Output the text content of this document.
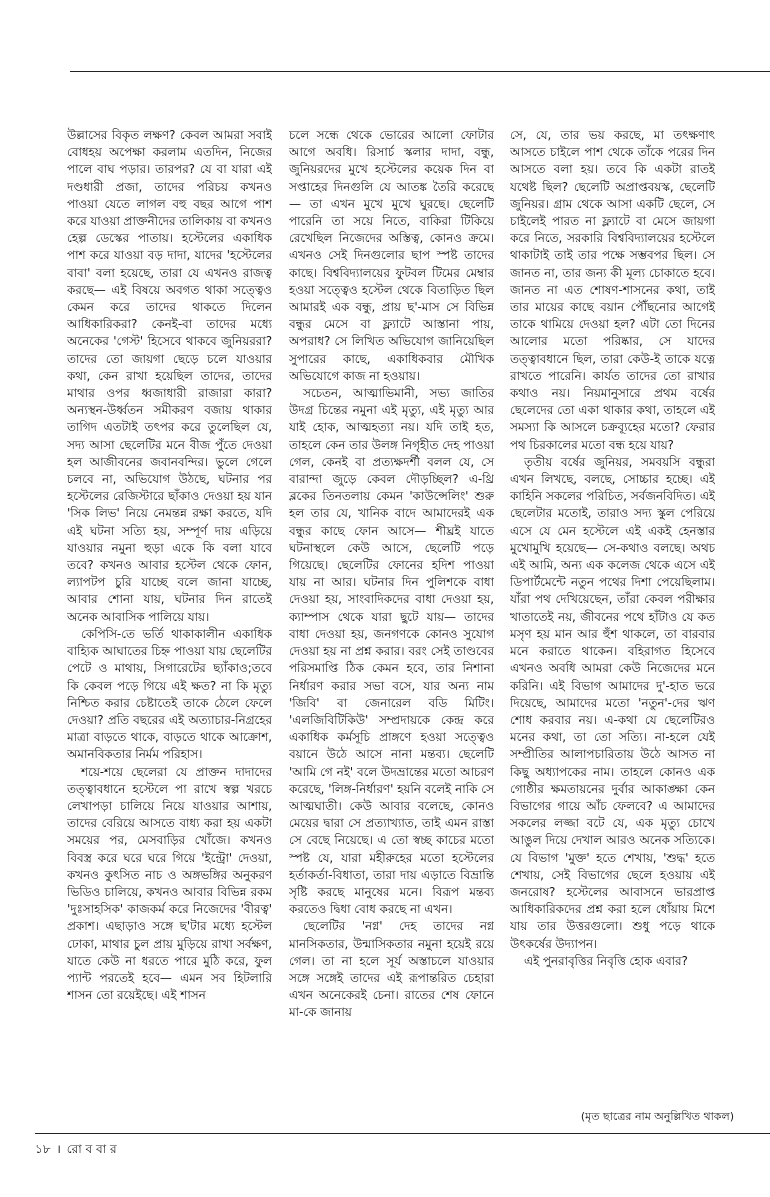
উল্লাসের বিকৃত লক্ষণ? কেবল আমরা সবাই বোধহয় অপেক্ষা করলাম এতদিন, নিজের পালে বাঘ পড়ার। তারপর? যে বা যারা এই দণ্ডধারী প্রজা, তাদের পরিচয় কখনও পাওয়া যেতে লাগল বহু বছর আগে পাশ করে যাওয়া প্রাক্তনীদের তালিকায় বা কখনও হেল্প ডেস্কের পাতায়। হস্টেলের একাধিক পাশ করে যাওয়া বড় দাদা, যাদের 'হস্টেলের বাবা' বলা হয়েছে, তারা যে এখনও রাজত্ব করছে— এই বিষয়ে অবগত থাকা সত্ত্বেও কেমন করে তাদের থাকতে দিলেন আধিকারিকরা? কেনই-বা তাদের মধ্যে অনেকের 'গেস্ট' হিসেবে থাকবে জুনিয়ররা? তাদের তো জায়গা ছেড়ে চলে যাওয়ার কথা, কেন রাখা হয়েছিল তাদের, তাদের মাথার ওপর ধ্বজাধারী রাজারা কারা? অন্যস্থন-উর্ধ্বতন সমীকরণ বজায় থাকার তাগিদ এতটাই তৎপর করে তুলেছিল যে, সদ্য আসা ছেলেটির মনে বীজ পুঁতে দেওয়া হল আজীবনের জবানবন্দির। ভুলে গেলে চলবে না, অভিযোগ উঠছে, ঘটনার পর হস্টেলের রেজিস্টারে ছাঁকাও দেওয়া হয় যান 'সিক লিভ' নিয়ে নেমন্তন্ন রক্ষা করতে, যদি এই ঘটনা সত্যি হয়, সম্পূর্ণ দায় এড়িয়ে যাওয়ার নমুনা হুড়া একে কি বলা যাবে তবে? কখনও আবার হস্টেল থেকে ফোন, ল্যাপটপ চুরি যাচ্ছে বলে জানা যাচ্ছে, আবার শোনা যায়, ঘটনার দিন রাতেই অনেক আবাসিক পালিয়ে যায়।

কেপিসি-তে ভর্তি থাকাকালীন একাধিক বাহ্যিক আঘাতের চিহ্ন পাওয়া যায় ছেলেটির পেটে ও মাথায়, সিগারেটের ছ্যাঁকাও;তবে কি কেবল পড়ে গিয়ে এই ক্ষত? না কি মৃত্যু নিশ্চিত করার চেষ্টাতেই তাকে ঠেলে ফেলে দেওয়া? প্রতি বছরের এই অত্যাচার-নিগ্রহের মাত্রা বাড়তে থাকে, বাড়তে থাকে আক্রোশ, অমানবিকতার নির্মম পরিহাস।

শয়ে-শয়ে ছেলেরা যে প্রাক্তন দাদাদের তত্ত্বাবধানে হস্টেলে পা রাখে স্বল্প খরচে লেখাপড়া চালিয়ে নিয়ে যাওয়ার আশায়, তাদের বেরিয়ে আসতে বাধ্য করা হয় একটা সময়ের পর, মেসবাড়ির খোঁজে। কখনও বিবস্ত্র করে ঘরে ঘরে গিয়ে 'ইন্ট্রো' দেওয়া, কখনও কুৎসিত নাচ ও অঙ্গভঙ্গির অনুকরণ ভিডিও চালিয়ে, কখনও আবার বিভিন্ন রকম 'দুঃসাহসিক' কাজকর্ম করে নিজেদের 'বীরত্ব' প্রকাশ। এছাড়াও সঙ্গে ছ'টার মধ্যে হস্টেল ঢোকা, মাথার চুল প্রায় মুড়িয়ে রাখা সর্বক্ষণ, যাতে কেউ না ধরতে পারে মুঠি করে, ফুল প্যান্ট পরতেই হবে— এমন সব হিটলারি শাসন তো রয়েইছে। এই শাসন

চলে সন্ধে থেকে ভোরের আলো ফোটার আগে অবধি। রিসার্চ স্কলার দাদা, বন্ধু, জুনিয়রদের মুখে হস্টেলের কয়েক দিন বা সপ্তাহের দিনগুলি যে আতঙ্ক তৈরি করেছে— তা এখন মুখে মুখে ঘুরছে। ছেলেটি পারেনি তা সয়ে নিতে, বাকিরা টিকিয়ে রেখেছিল নিজেদের অস্তিত্ব, কোনও ক্রমে। এখনও সেই দিনগুলোর ছাপ স্পষ্ট তাদের কাছে। বিশ্ববিদ্যালয়ের ফুটবল টিমের মেম্বার হওয়া সত্ত্বেও হস্টেল থেকে বিতাড়িত ছিল আমারই এক বন্ধু, প্রায় ছ'-মাস সে বিভিন্ন বন্ধুর মেসে বা ফ্ল্যাটে আস্তানা পায়, অপরাধ? সে লিখিত অভিযোগ জানিয়েছিল সুপারের কাছে, একাধিকবার মৌখিক অভিযোগে কাজ না হওয়ায়।

সচেতন, আত্মাভিমানী, সভ্য জাতির উদগ্র চিন্তের নমুনা এই মৃত্যু, এই মৃত্যু আর যাই হোক, আত্মহত্যা নয়। যদি তাই হত, তাহলে কেন তার উলঙ্গ নিগৃহীত দেহ পাওয়া গেল, কেনই বা প্রত্যক্ষদর্শী বলল যে, সে বারান্দা জুড়ে কেবল দৌড়চ্ছিল? এ-থ্রি ব্লকের তিনতলায় কেমন 'কাউন্সেলিং' শুরু হল তার যে, খানিক বাদে আমাদেরই এক বন্ধুর কাছে ফোন আসে— শীঘ্রই যাতে ঘটনাস্থলে কেউ আসে, ছেলেটি পড়ে গিয়েছে। ছেলেটির ফোনের হদিশ পাওয়া যায় না আর। ঘটনার দিন পুলিশকে বাধা দেওয়া হয়, সাংবাদিকদের বাধা দেওয়া হয়, ক্যাম্পাস থেকে যারা ছুটে যায়— তাদের বাধা দেওয়া হয়, জনগণকে কোনও সুযোগ দেওয়া হয় না প্রশ্ন করার। বরং সেই তাণ্ডবের পরিসমাপ্তি ঠিক কেমন হবে, তার নিশানা নির্ধারণ করার সভা বসে, যার অন্য নাম 'জিবি' বা জেনারেল বডি মিটিং। 'এলজিবিটিকিউ' সম্প্রদায়কে কেন্দ্র করে একাধিক কর্মসূচি প্রাঙ্গণে হওয়া সত্ত্বেও বয়ানে উঠে আসে নানা মন্তব্য। ছেলেটি 'আমি গে নই' বলে উদভ্রান্তের মতো আচরণ করেছে, 'লিঙ্গ-নির্ধারণ' হয়নি বলেই নাকি সে আত্মঘাতী। কেউ আবার বলেছে, কোনও মেয়ের দ্বারা সে প্রত্যাখ্যাত, তাই এমন রাস্তা সে বেছে নিয়েছে। এ তো স্বচ্ছ কাচের মতো স্পষ্ট যে, যারা মহীরুহের মতো হস্টেলের হর্তাকর্তা-বিধাতা, তারা দায় এড়াতে বিভ্রান্তি সৃষ্টি করছে মানুষের মনে। বিরূপ মন্তব্য করতেও দ্বিধা বোধ করছে না এখন।

ছেলেটির 'নগ্ন' দেহ তাদের নগ্ন মানসিকতার, উন্মাসিকতার নমুনা হয়েই রয়ে গেল। তা না হলে সূর্য অস্তাচলে যাওয়ার সঙ্গে সঙ্গেই তাদের এই রূপান্তরিত চেহারা এখন অনেকেরই চেনা। রাতের শেষ ফোনে মা-কে জানায়

সে, যে, তার ভয় করছে, মা তৎক্ষণাৎ আসতে চাইলে পাশ থেকে তাঁকে পরের দিন আসতে বলা হয়। তবে কি একটা রাতই যথেষ্ট ছিল? ছেলেটি অপ্রাপ্তবয়স্ক, ছেলেটি জুনিয়র। গ্রাম থেকে আসা একটি ছেলে, সে চাইলেই পারত না ফ্ল্যাটে বা মেসে জায়গা করে নিতে, সরকারি বিশ্ববিদ্যালয়ের হস্টেলে থাকাটাই তাই তার পক্ষে সম্ভবপর ছিল। সে জানত না, তার জন্য কী মূল্য চোকাতে হবে। জানত না এত শোষণ-শাসনের কথা, তাই তার মায়ের কাছে বয়ান পৌঁছনোর আগেই তাকে থামিয়ে দেওয়া হল? এটা তো দিনের আলোর মতো পরিষ্কার, সে যাদের তত্ত্বাবধানে ছিল, তারা কেউ-ই তাকে যত্নে রাখতে পারেনি। কার্যত তাদের তো রাখার কথাও নয়। নিয়মানুসারে প্রথম বর্ষের ছেলেদের তো একা থাকার কথা, তাহলে এই সমস্যা কি আসলে চক্রব্যূহের মতো? ফেরার পথ চিরকালের মতো বন্ধ হয়ে যায়?

তৃতীয় বর্ষের জুনিয়র, সমবয়সি বন্ধুরা এখন লিখছে, বলছে, সোচ্চার হচ্ছে। এই কাহিনি সকলের পরিচিত, সর্বজনবিদিত। এই ছেলেটার মতোই, তারাও সদ্য স্কুল পেরিয়ে এসে যে মেন হস্টেলে এই একই হেনস্তার মুখোমুখি হয়েছে— সে-কথাও বলছে। অথচ এই আমি, অন্য এক কলেজ থেকে এসে এই ডিপার্টমেন্টে নতুন পথের দিশা পেয়েছিলাম। যাঁরা পথ দেখিয়েছেন, তাঁরা কেবল পরীক্ষার খাতাতেই নয়, জীবনের পথে হাঁটাও যে কত মসৃণ হয় মান আর হুঁশ থাকলে, তা বারবার মনে করাতে থাকেন। বহিরাগত হিসেবে এখনও অবধি আমরা কেউ নিজেদের মনে করিনি। এই বিভাগ আমাদের দু'-হাত ভরে দিয়েছে, আমাদের মতো 'নতুন'-দের ঋণ শোধ করবার নয়। এ-কথা যে ছেলেটিরও মনের কথা, তা তো সত্যি। না-হলে যেই সম্প্রীতির আলাপচারিতায় উঠে আসত না কিছু অধ্যাপকের নাম। তাহলে কোনও এক গোষ্ঠীর ক্ষমতায়নের দুর্বার আকাঙ্ক্ষা কেন বিভাগের গায়ে আঁচ ফেলবে? এ আমাদের সকলের লজ্জা বটে যে, এক মৃত্যু চোখে আঙুল দিয়ে দেখাল আরও অনেক সত্যিকে। যে বিভাগ 'মুক্ত' হতে শেখায়, 'শুদ্ধ' হতে শেখায়, সেই বিভাগের ছেলে হওয়ায় এই জনরোষ? হস্টেলের আবাসনে ভারপ্রাপ্ত আধিকারিকদের প্রশ্ন করা হলে ধোঁয়ায় মিশে যায় তার উত্তরগুলো। শুধু পড়ে থাকে উৎকর্ষের উদ্যাপন।

এই পুনরাবৃত্তির নিবৃত্তি হোক এবার?

(মৃত ছাত্রের নাম অনুল্লিখিত থাকল)
১৮ । রো ব বা র
